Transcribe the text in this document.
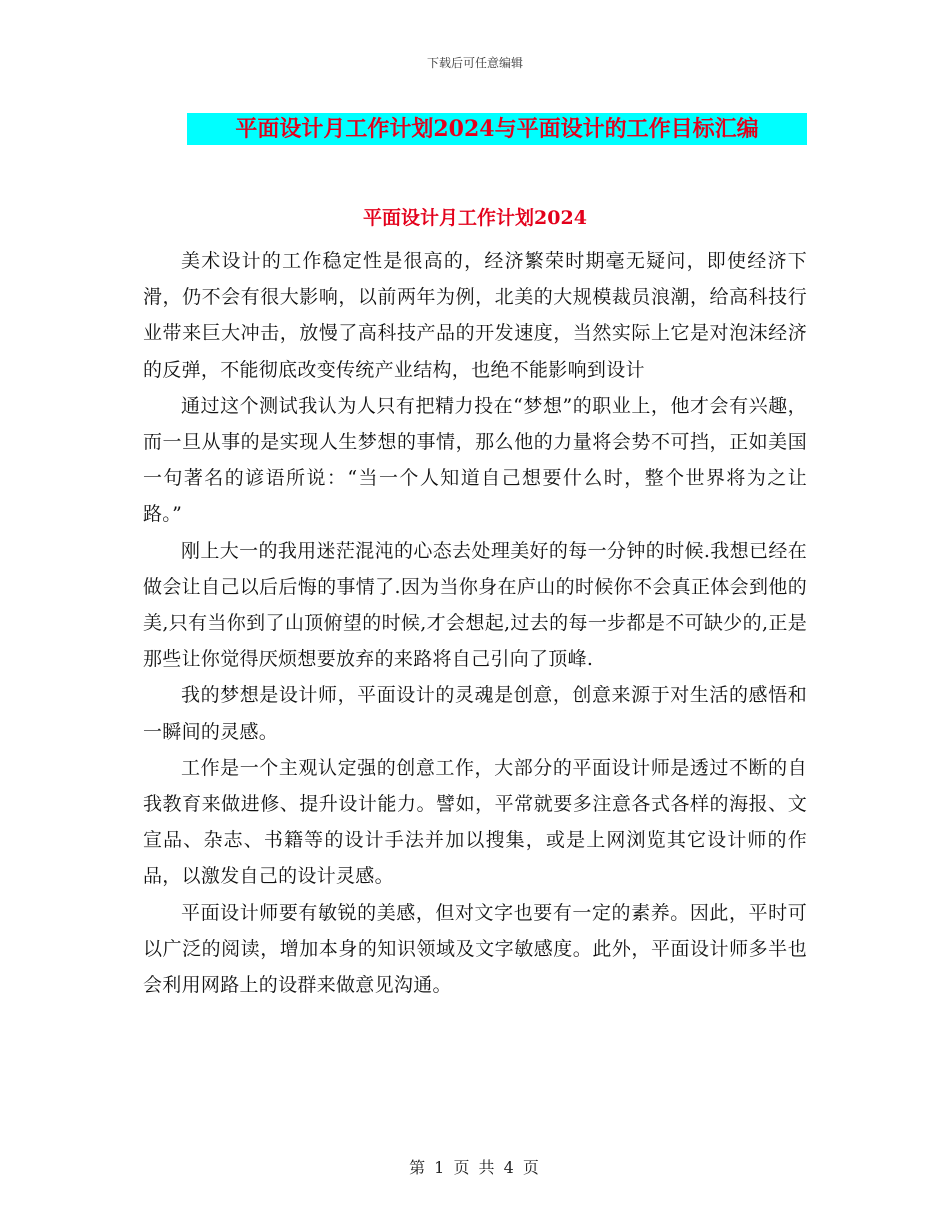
下载后可任意编辑
平面设计月工作计划2024与平面设计的工作目标汇编
平面设计月工作计划2024

美术设计的工作稳定性是很高的，经济繁荣时期毫无疑问，即使经济下滑，仍不会有很大影响，以前两年为例，北美的大规模裁员浪潮，给高科技行业带来巨大冲击，放慢了高科技产品的开发速度，当然实际上它是对泡沫经济的反弹，不能彻底改变传统产业结构，也绝不能影响到设计

通过这个测试我认为人只有把精力投在“梦想”的职业上，他才会有兴趣，而一旦从事的是实现人生梦想的事情，那么他的力量将会势不可挡，正如美国一句著名的谚语所说：“当一个人知道自己想要什么时，整个世界将为之让路。”

刚上大一的我用迷茫混沌的心态去处理美好的每一分钟的时候.我想已经在做会让自己以后后悔的事情了.因为当你身在庐山的时候你不会真正体会到他的美,只有当你到了山顶俯望的时候,才会想起,过去的每一步都是不可缺少的,正是那些让你觉得厌烦想要放弃的来路将自己引向了顶峰.

我的梦想是设计师，平面设计的灵魂是创意，创意来源于对生活的感悟和一瞬间的灵感。

工作是一个主观认定强的创意工作，大部分的平面设计师是透过不断的自我教育来做进修、提升设计能力。譬如，平常就要多注意各式各样的海报、文宣品、杂志、书籍等的设计手法并加以搜集，或是上网浏览其它设计师的作品，以激发自己的设计灵感。

平面设计师要有敏锐的美感，但对文字也要有一定的素养。因此，平时可以广泛的阅读，增加本身的知识领域及文字敏感度。此外，平面设计师多半也会利用网路上的设群来做意见沟通。

第 1 页 共 4 页
